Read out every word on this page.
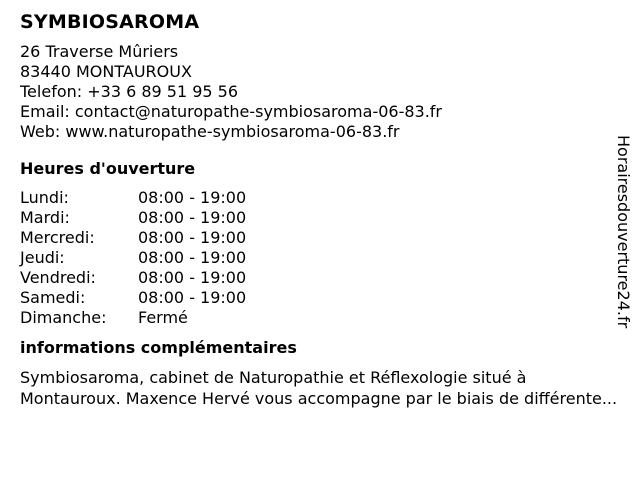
SYMBIOSAROMA
26 Traverse Mûriers
83440 MONTAUROUX
Telefon: +33 6 89 51 95 56
Email: contact@naturopathe-symbiosaroma-06-83.fr
Web: www.naturopathe-symbiosaroma-06-83.fr
Heures d'ouverture
Lundi:	08:00 - 19:00
Mardi:	08:00 - 19:00
Mercredi:	08:00 - 19:00
Jeudi:	08:00 - 19:00
Vendredi:	08:00 - 19:00
Samedi:	08:00 - 19:00
Dimanche:	Fermé
informations complémentaires
Symbiosaroma, cabinet de Naturopathie et Réflexologie situé à Montauroux. Maxence Hervé vous accompagne par le biais de différente...
Horairesdouverture24.fr
